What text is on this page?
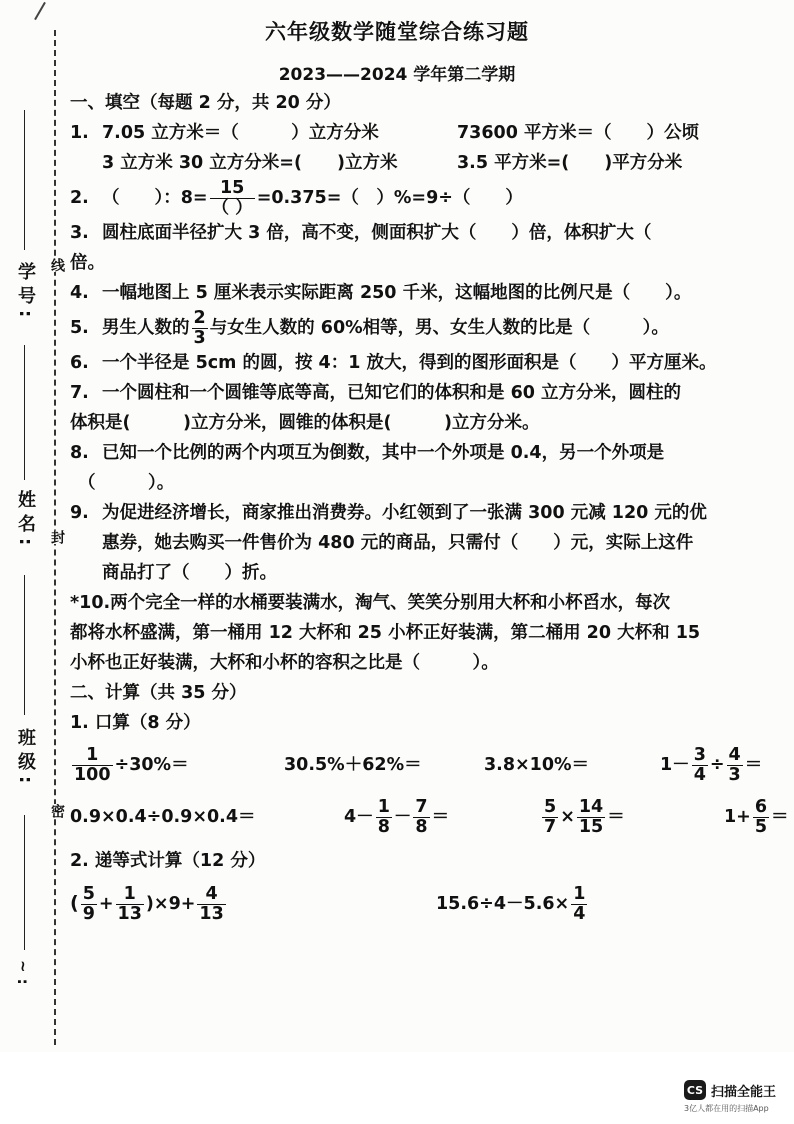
学号:
姓名:
班级:
~:
线
封
密
六年级数学随堂综合练习题
2023——2024 学年第二学期
一、填空（每题 2 分，共 20 分）
1. 7.05 立方米＝（　　　）立方分米	73600 平方米＝（　　）公顷
3 立方米 30 立方分米=(　　)立方米	3.5 平方米=(　　)平方分米
2. （　　）：$8= \frac{15}{( )} =0.375=$（　）%=9÷（　　）
3. 圆柱底面半径扩大 3 倍，高不变，侧面积扩大（　　）倍，体积扩大（　　
倍。
4. 一幅地图上 5 厘米表示实际距离 250 千米，这幅地图的比例尺是（　　）。
5. 男生人数的 $\frac{2}{3}$ 与女生人数的 60%相等，男、女生人数的比是（　　　）。
6. 一个半径是 5cm 的圆，按 4：1 放大，得到的图形面积是（　　）平方厘米。
7. 一个圆柱和一个圆锥等底等高，已知它们的体积和是 60 立方分米，圆柱的
体积是(　　　)立方分米，圆锥的体积是(　　　)立方分米。
8. 已知一个比例的两个内项互为倒数，其中一个外项是 0.4，另一个外项是
（　　　）。
9. 为促进经济增长，商家推出消费券。小红领到了一张满 300 元减 120 元的优
惠券，她去购买一件售价为 480 元的商品，只需付（　　）元，实际上这件
商品打了（　　）折。
*10.两个完全一样的水桶要装满水，淘气、笑笑分别用大杯和小杯舀水，每次
都将水杯盛满，第一桶用 12 大杯和 25 小杯正好装满，第二桶用 20 大杯和 15
小杯也正好装满，大杯和小杯的容积之比是（　　　）。
二、计算（共 35 分）
1. 口算（8 分）
$\frac{1}{100} \div 30\%=$	30.5%＋62%＝	3.8×10%＝	$1- \frac{3}{4} \div \frac{4}{3}$ ＝
0.9×0.4÷0.9×0.4＝	$4- \frac{1}{8} - \frac{7}{8}$ ＝	$\frac{5}{7} \times \frac{14}{15}$ ＝	$1+ \frac{6}{5}$ ＝
2. 递等式计算（12 分）
( $\frac{5}{9} + \frac{1}{13} )\times 9+ \frac{4}{13}$	$15.6\div 4-5.6\times \frac{1}{4}$
CS 扫描全能王
3亿人都在用的扫描App
